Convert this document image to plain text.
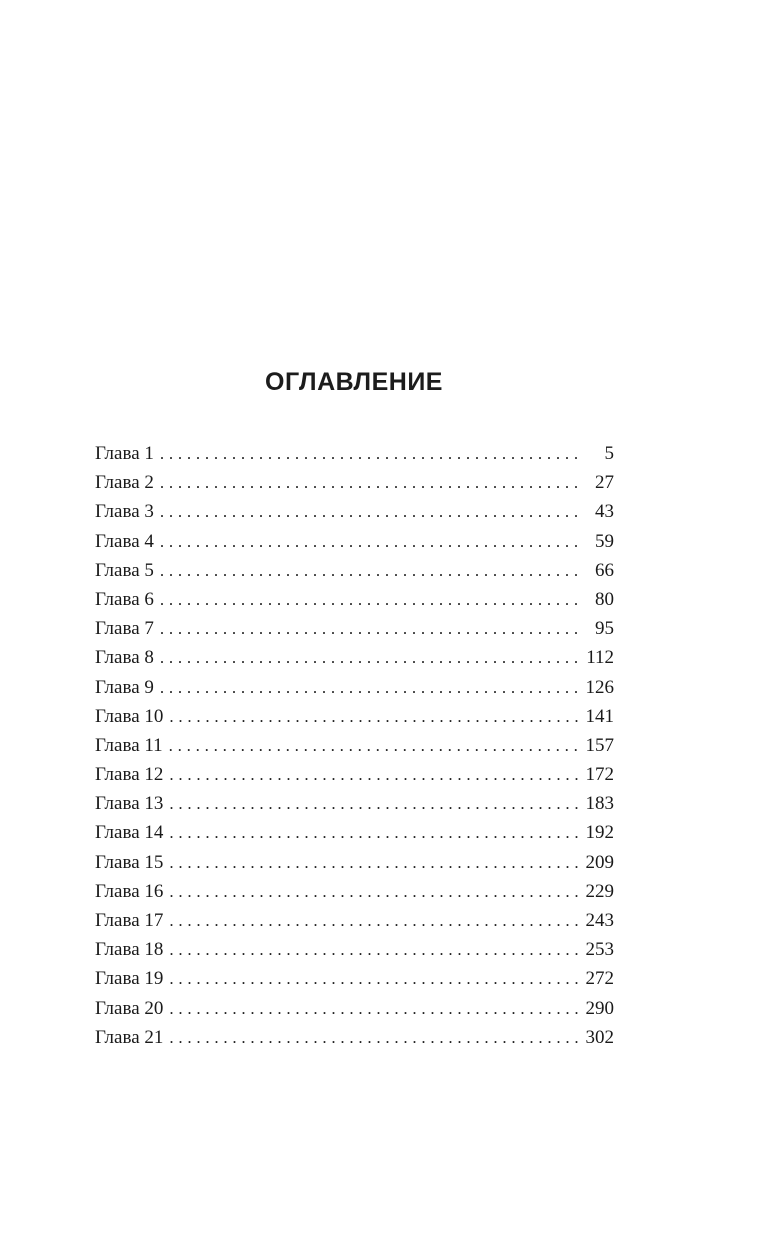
ОГЛАВЛЕНИЕ
Глава 1 . . .	5
Глава 2 . . .	27
Глава 3 . . .	43
Глава 4 . . .	59
Глава 5 . . .	66
Глава 6 . . .	80
Глава 7 . . .	95
Глава 8 . . .	112
Глава 9 . . .	126
Глава 10 . . .	141
Глава 11 . . .	157
Глава 12 . . .	172
Глава 13 . . .	183
Глава 14 . . .	192
Глава 15 . . .	209
Глава 16 . . .	229
Глава 17 . . .	243
Глава 18 . . .	253
Глава 19 . . .	272
Глава 20 . . .	290
Глава 21 . . .	302
